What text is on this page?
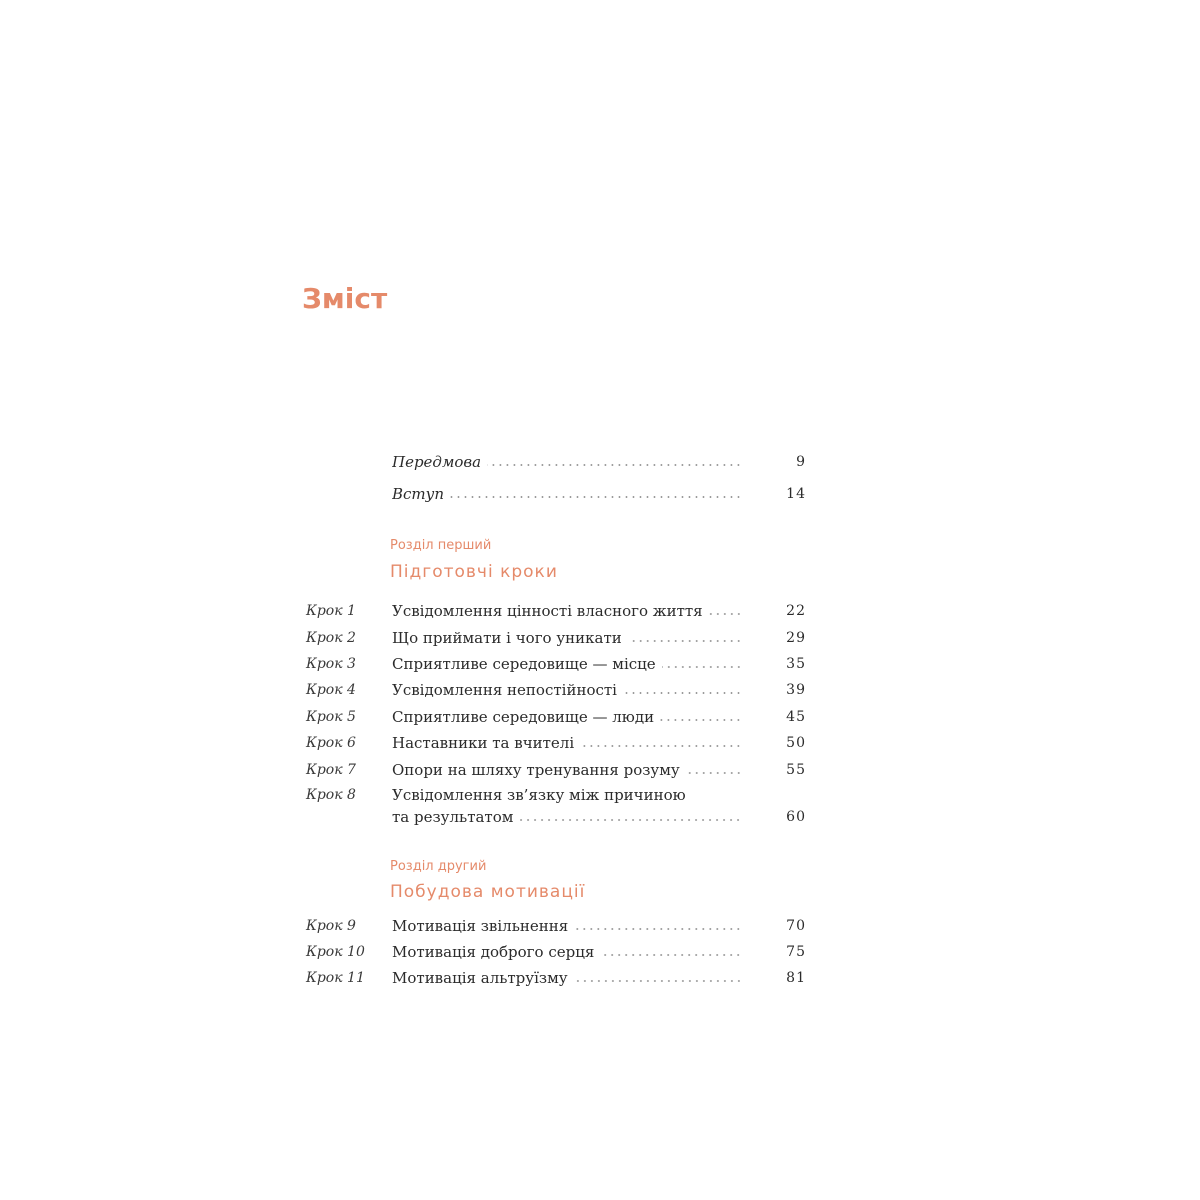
Зміст
Передмова	9
Вступ	14
Розділ перший
Підготовчі кроки
Крок 1 Усвідомлення цінності власного життя	22
Крок 2 Що приймати і чого уникати	29
Крок 3 Сприятливе середовище — місце	35
Крок 4 Усвідомлення непостійності	39
Крок 5 Сприятливе середовище — люди	45
Крок 6 Наставники та вчителі	50
Крок 7 Опори на шляху тренування розуму	55
Крок 8 Усвідомлення зв’язку між причиною
та результатом	60
Розділ другий
Побудова мотивації
Крок 9 Мотивація звільнення	70
Крок 10 Мотивація доброго серця	75
Крок 11 Мотивація альтруїзму	81
